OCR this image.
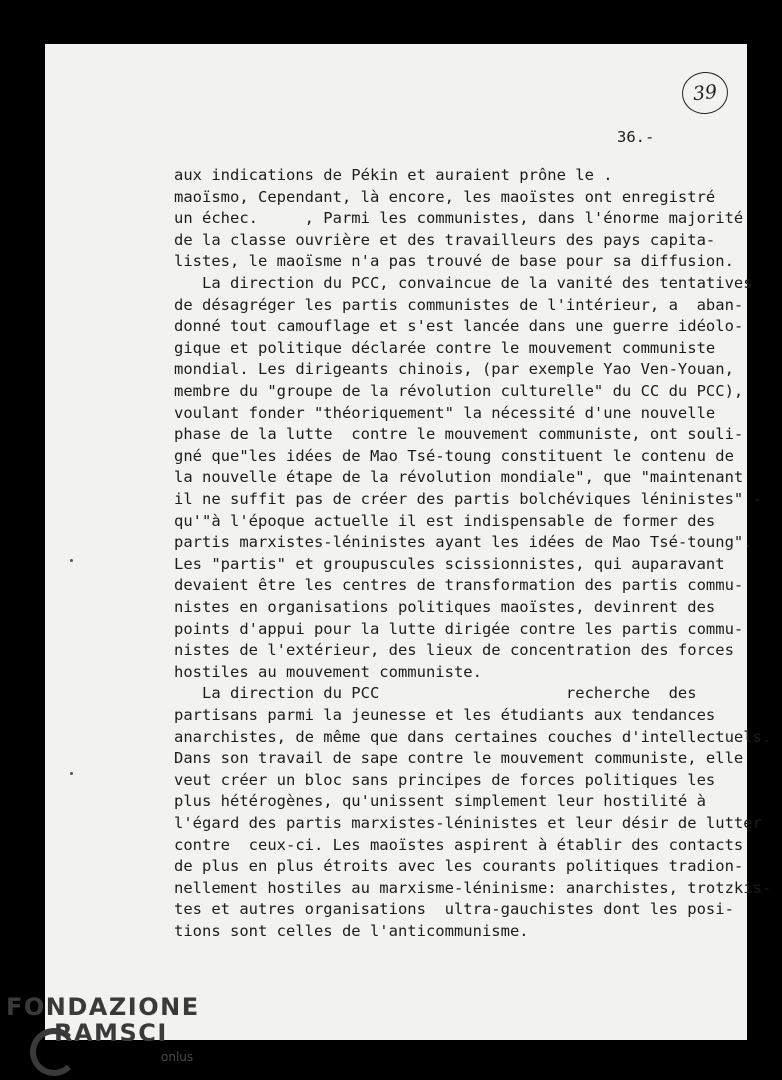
39
36.-
aux indications de Pékin et auraient prône le .
maoïsmo, Cependant, là encore, les maoïstes ont enregistré
un échec.     , Parmi les communistes, dans l'énorme majorité
de la classe ouvrière et des travailleurs des pays capita-
listes, le maoïsme n'a pas trouvé de base pour sa diffusion.
La direction du PCC, convaincue de la vanité des tentatives
de désagréger les partis communistes de l'intérieur, a  aban-
donné tout camouflage et s'est lancée dans une guerre idéolo-
gique et politique déclarée contre le mouvement communiste
mondial. Les dirigeants chinois, (par exemple Yao Ven-Youan,
membre du "groupe de la révolution culturelle" du CC du PCC),
voulant fonder "théoriquement" la nécessité d'une nouvelle
phase de la lutte  contre le mouvement communiste, ont souli-
gné que"les idées de Mao Tsé-toung constituent le contenu de
la nouvelle étape de la révolution mondiale", que "maintenant
il ne suffit pas de créer des partis bolchéviques léninistes" -
qu'"à l'époque actuelle il est indispensable de former des
partis marxistes-léninistes ayant les idées de Mao Tsé-toung".
Les "partis" et groupuscules scissionnistes, qui auparavant
devaient être les centres de transformation des partis commu-
nistes en organisations politiques maoïstes, devinrent des
points d'appui pour la lutte dirigée contre les partis commu-
nistes de l'extérieur, des lieux de concentration des forces
hostiles au mouvement communiste.
La direction du PCC                    recherche  des
partisans parmi la jeunesse et les étudiants aux tendances
anarchistes, de même que dans certaines couches d'intellectuels.
Dans son travail de sape contre le mouvement communiste, elle
veut créer un bloc sans principes de forces politiques les
plus hétérogènes, qu'unissent simplement leur hostilité à
l'égard des partis marxistes-léninistes et leur désir de lutter
contre  ceux-ci. Les maoïstes aspirent à établir des contacts
de plus en plus étroits avec les courants politiques tradion-
nellement hostiles au marxisme-léninisme: anarchistes, trotzkis-
tes et autres organisations  ultra-gauchistes dont les posi-
tions sont celles de l'anticommunisme.
FONDAZIONE
RAMSCI
onlus
